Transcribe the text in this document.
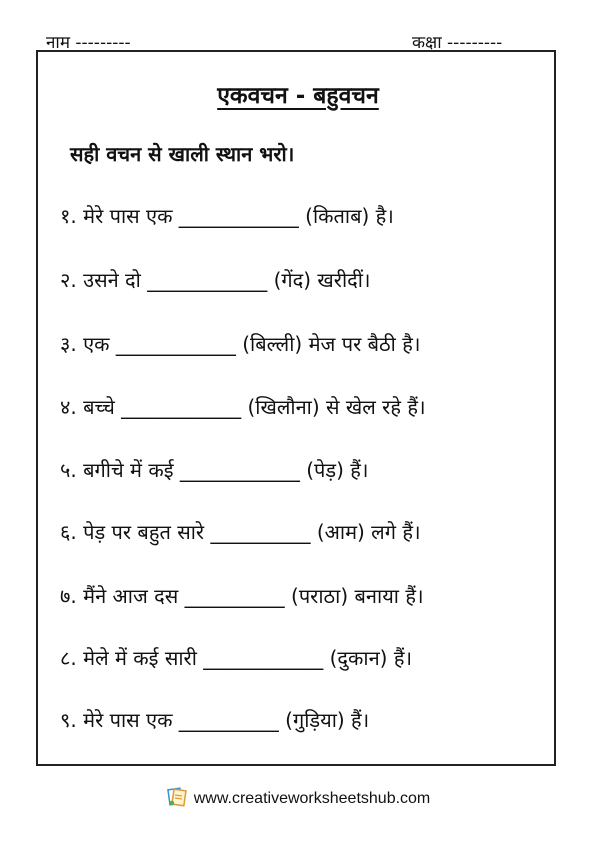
नाम ---------	कक्षा ---------
एकवचन - बहुवचन
सही वचन से खाली स्थान भरो।
१. मेरे पास एक ____________ (किताब) है।
२. उसने दो ____________ (गेंद) खरीदीं।
३. एक ____________ (बिल्ली) मेज पर बैठी है।
४. बच्चे ____________ (खिलौना) से खेल रहे हैं।
५. बगीचे में कई ____________ (पेड़) हैं।
६. पेड़ पर बहुत सारे __________ (आम) लगे हैं।
७. मैंने आज दस __________ (पराठा) बनाया हैं।
८. मेले में कई सारी ____________ (दुकान) हैं।
९. मेरे पास एक __________ (गुड़िया) हैं।
www.creativeworksheetshub.com
